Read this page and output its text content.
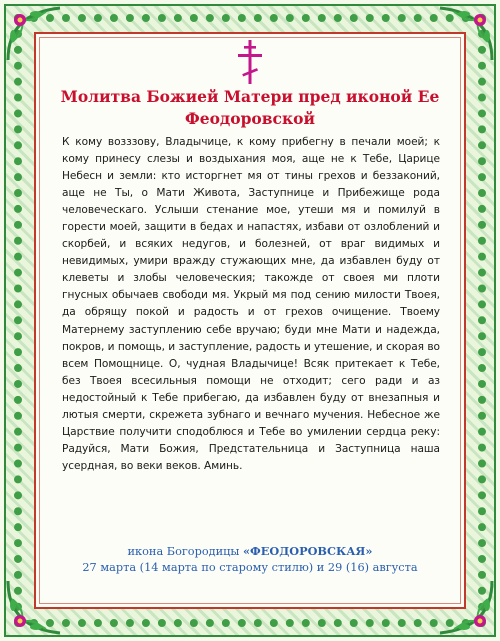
Молитва Божией Матери пред иконой Ее
Феодоровской
К кому возззову, Владычице, к кому прибегну в печали моей; к кому принесу слезы и воздыхания моя, аще не к Тебе, Царице Небесн и земли: кто исторгнет мя от тины грехов и беззаконий, аще не Ты, о Мати Живота, Заступнице и Прибежище рода человеческаго. Услыши стенание мое, утеши мя и помилуй в горести моей, защити в бедах и напастях, избави от озлоблений и скорбей, и всяких недугов, и болезней, от враг видимых и невидимых, умири вражду стужающих мне, да избавлен буду от клеветы и злобы человеческия; такожде от своея ми плоти гнусных обычаев свободи мя. Укрый мя под сению милости Твоея, да обрящу покой и радость и от грехов очищение. Твоему Матернему заступлению себе вручаю; буди мне Мати и надежда, покров, и помощь, и заступление, радость и утешение, и скорая во всем Помощнице. О, чудная Владычице! Всяк притекает к Тебе, без Твоея всесильныя помощи не отходит; сего ради и аз недостойный к Тебе прибегаю, да избавлен буду от внезапныя и лютыя смерти, скрежета зубнаго и вечнаго мучения. Небесное же Царствие получити сподоблюся и Тебе во умилении сердца реку: Радуйся, Мати Божия, Предстательница и Заступница наша усердная, во веки веков. Аминь.
икона Богородицы «ФЕОДОРОВСКАЯ»
27 марта (14 марта по старому стилю) и 29 (16) августа
